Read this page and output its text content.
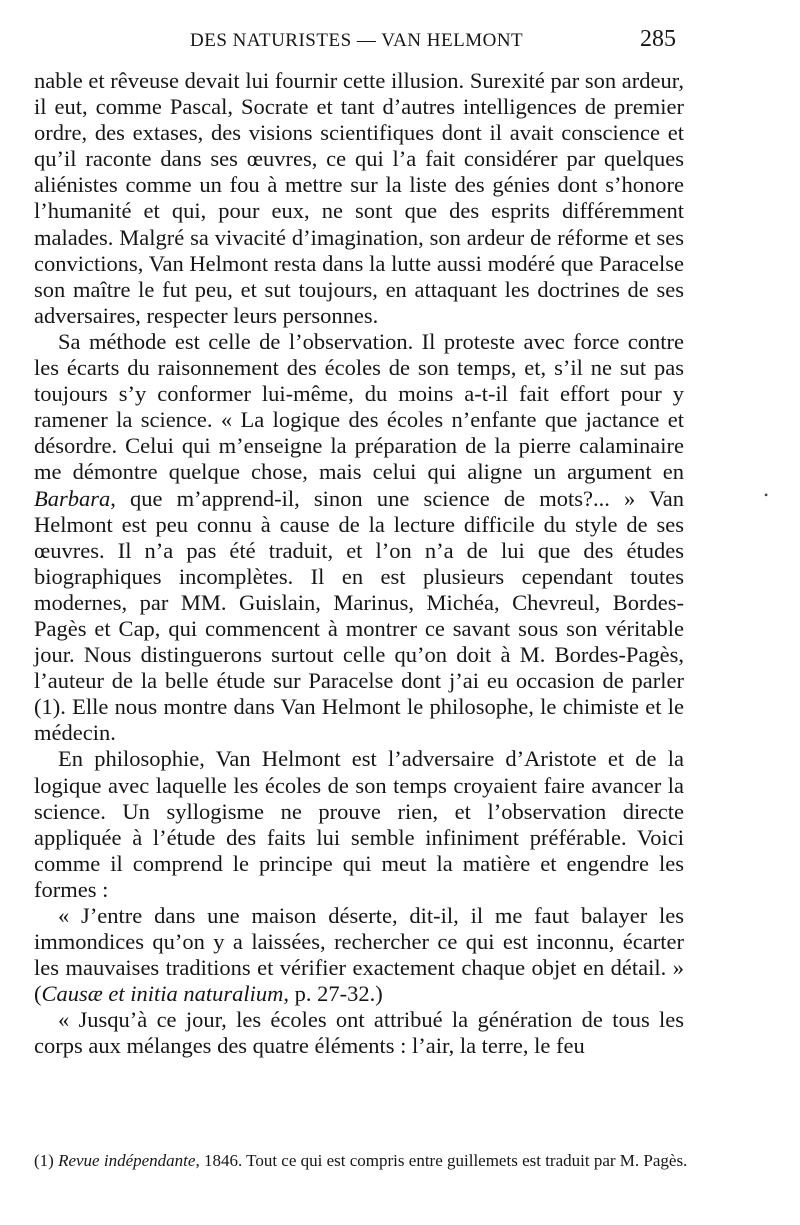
DES NATURISTES — VAN HELMONT	285

nable et rêveuse devait lui fournir cette illusion. Surexité par son ardeur, il eut, comme Pascal, Socrate et tant d’autres intelligences de premier ordre, des extases, des visions scientifiques dont il avait conscience et qu’il raconte dans ses œuvres, ce qui l’a fait considérer par quelques aliénistes comme un fou à mettre sur la liste des génies dont s’honore l’humanité et qui, pour eux, ne sont que des esprits différemment malades. Malgré sa vivacité d’imagination, son ardeur de réforme et ses convictions, Van Helmont resta dans la lutte aussi modéré que Paracelse son maître le fut peu, et sut toujours, en attaquant les doctrines de ses adversaires, respecter leurs personnes.

Sa méthode est celle de l’observation. Il proteste avec force contre les écarts du raisonnement des écoles de son temps, et, s’il ne sut pas toujours s’y conformer lui-même, du moins a-t-il fait effort pour y ramener la science. « La logique des écoles n’enfante que jactance et désordre. Celui qui m’enseigne la préparation de la pierre calaminaire me démontre quelque chose, mais celui qui aligne un argument en Barbara, que m’apprend-il, sinon une science de mots?... » Van Helmont est peu connu à cause de la lecture difficile du style de ses œuvres. Il n’a pas été traduit, et l’on n’a de lui que des études biographiques incomplètes. Il en est plusieurs cependant toutes modernes, par MM. Guislain, Marinus, Michéa, Chevreul, Bordes-Pagès et Cap, qui commencent à montrer ce savant sous son véritable jour. Nous distinguerons surtout celle qu’on doit à M. Bordes-Pagès, l’auteur de la belle étude sur Paracelse dont j’ai eu occasion de parler (1). Elle nous montre dans Van Helmont le philosophe, le chimiste et le médecin.

En philosophie, Van Helmont est l’adversaire d’Aristote et de la logique avec laquelle les écoles de son temps croyaient faire avancer la science. Un syllogisme ne prouve rien, et l’observation directe appliquée à l’étude des faits lui semble infiniment préférable. Voici comme il comprend le principe qui meut la matière et engendre les formes :

« J’entre dans une maison déserte, dit-il, il me faut balayer les immondices qu’on y a laissées, rechercher ce qui est inconnu, écarter les mauvaises traditions et vérifier exactement chaque objet en détail. » (Causæ et initia naturalium, p. 27-32.)

« Jusqu’à ce jour, les écoles ont attribué la génération de tous les corps aux mélanges des quatre éléments : l’air, la terre, le feu

(1) Revue indépendante, 1846. Tout ce qui est compris entre guillemets est traduit par M. Pagès.
•
